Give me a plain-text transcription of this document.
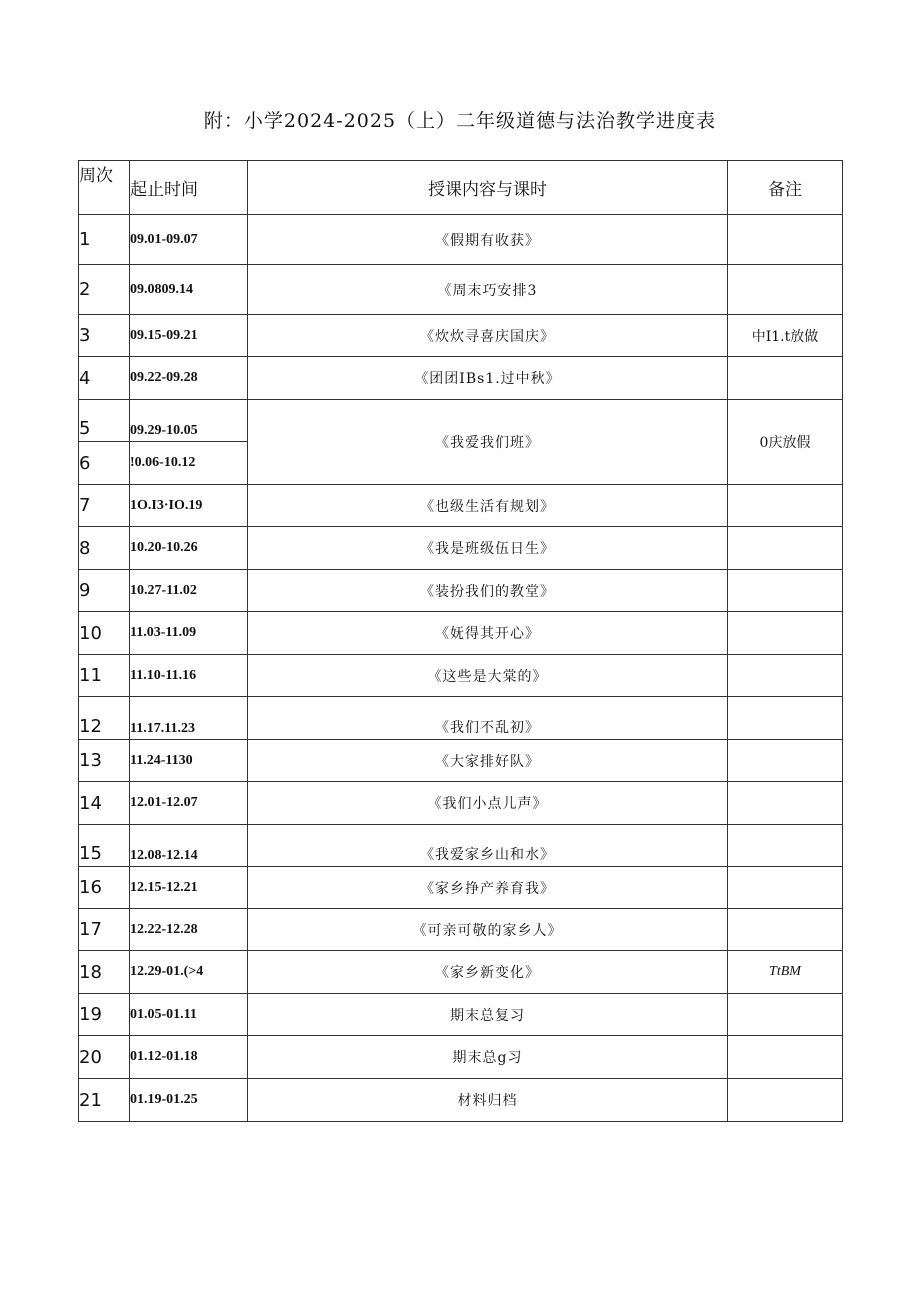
附：小学2024-2025（上）二年级道德与法治教学进度表
周次	起止时间	授课内容与课时	备注
1	09.01-09.07	《假期有收获》	
2	09.0809.14	《周末巧安排3	
3	09.15-09.21	《炊炊寻喜庆国庆》	中I1.t放做
4	09.22-09.28	《团团IBs1.过中秋》	
5	09.29-10.05	《我爱我们班》	0庆放假
6	!0.06-10.12		
7	1O.I3·IO.19	《也级生活有规划》	
8	10.20-10.26	《我是班级伍日生》	
9	10.27-11.02	《装扮我们的教堂》	
10	11.03-11.09	《妩得其开心》	
11	11.10-11.16	《这些是大棠的》	
12	11.17.11.23	《我们不乱初》	
13	11.24-1130	《大家排好队》	
14	12.01-12.07	《我们小点儿声》	
15	12.08-12.14	《我爱家乡山和水》	
16	12.15-12.21	《家乡挣产养育我》	
17	12.22-12.28	《可亲可敬的家乡人》	
18	12.29-01.(>4	《家乡新变化》	TtBM
19	01.05-01.11	期末总复习	
20	01.12-01.18	期末总g习	
21	01.19-01.25	材料归档	
